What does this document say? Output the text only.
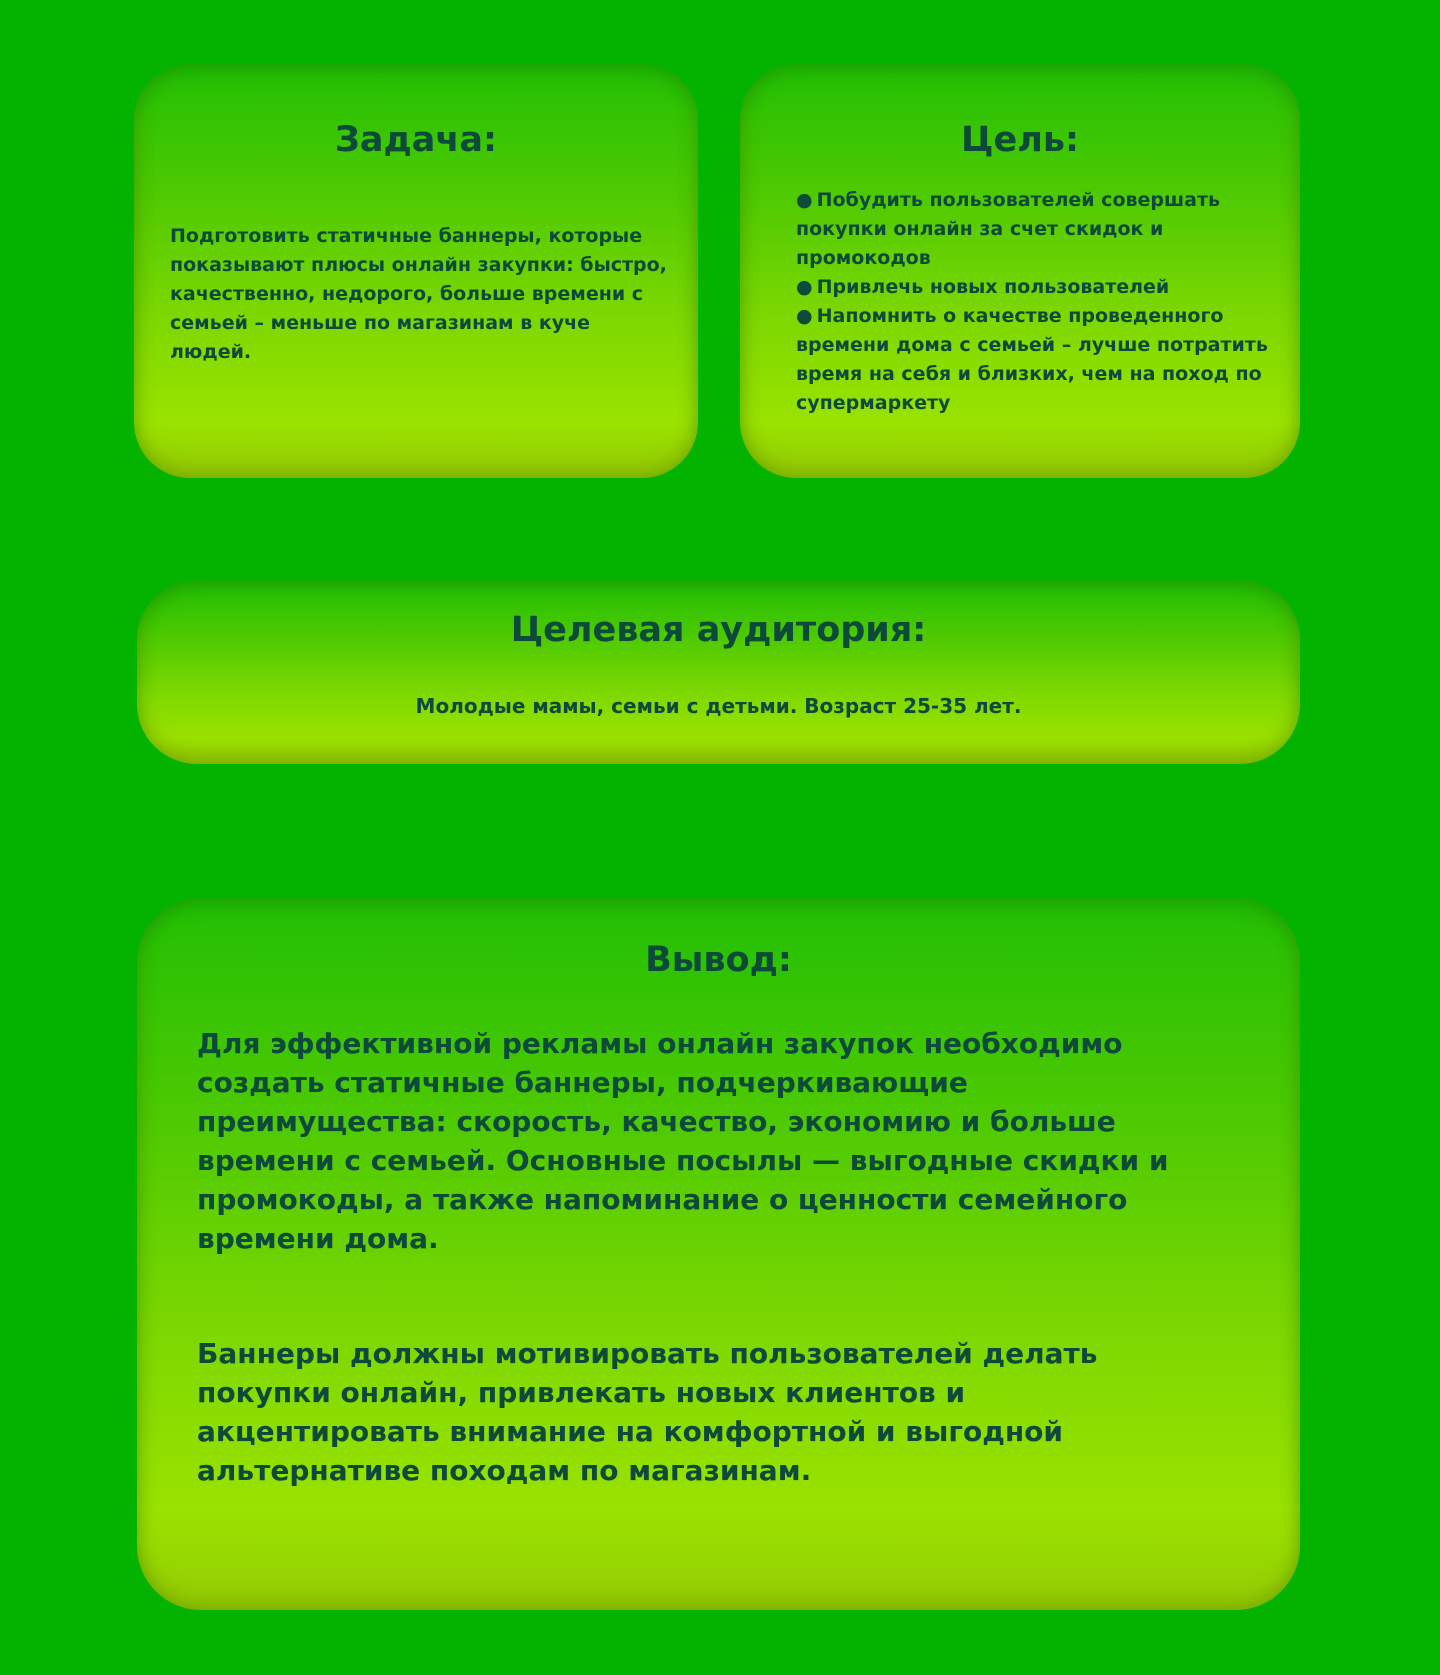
Задача:

Подготовить статичные баннеры, которые показывают плюсы онлайн закупки: быстро, качественно, недорого, больше времени с семьей – меньше по магазинам в куче людей.

Цель:
● Побудить пользователей совершать покупки онлайн за счет скидок и промокодов
● Привлечь новых пользователей
● Напомнить о качестве проведенного времени дома с семьей – лучше потратить время на себя и близких, чем на поход по супермаркету
Целевая аудитория:

Молодые мамы, семьи с детьми. Возраст 25-35 лет.

Вывод:

Для эффективной рекламы онлайн закупок необходимо создать статичные баннеры, подчеркивающие преимущества: скорость, качество, экономию и больше времени с семьей. Основные посылы — выгодные скидки и промокоды, а также напоминание о ценности семейного времени дома.

Баннеры должны мотивировать пользователей делать покупки онлайн, привлекать новых клиентов и акцентировать внимание на комфортной и выгодной альтернативе походам по магазинам.
